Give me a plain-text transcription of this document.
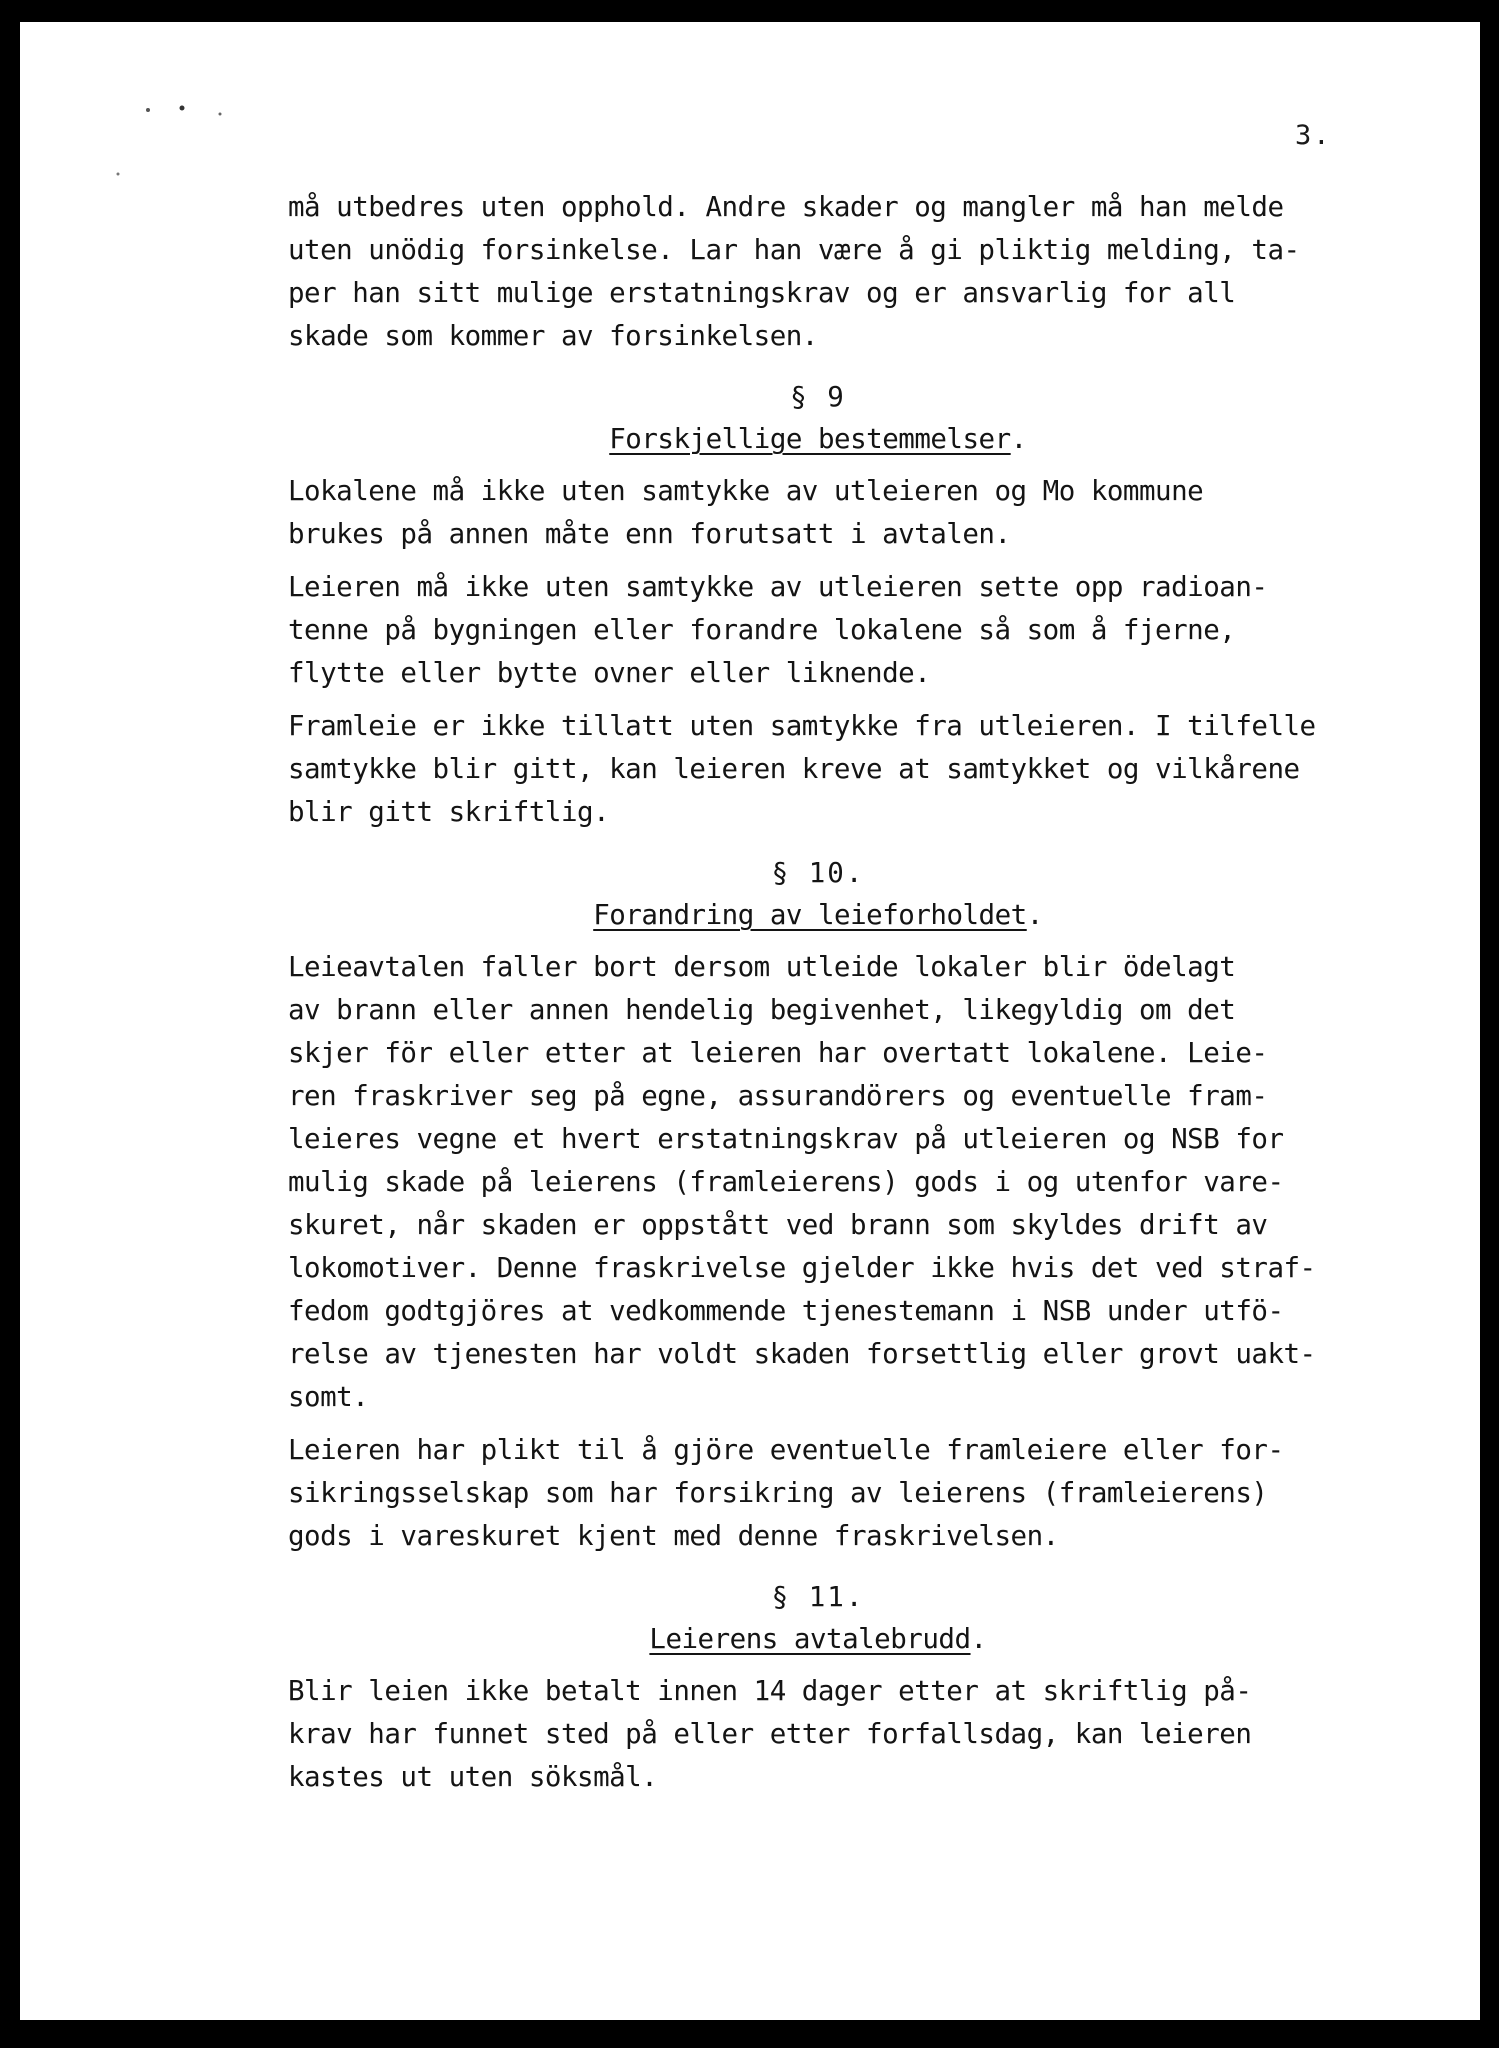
3.
må utbedres uten opphold. Andre skader og mangler må han melde
uten unödig forsinkelse. Lar han være å gi pliktig melding, ta-
per han sitt mulige erstatningskrav og er ansvarlig for all
skade som kommer av forsinkelsen.
§ 9
Forskjellige bestemmelser.
Lokalene må ikke uten samtykke av utleieren og Mo kommune
brukes på annen måte enn forutsatt i avtalen.
Leieren må ikke uten samtykke av utleieren sette opp radioan-
tenne på bygningen eller forandre lokalene så som å fjerne,
flytte eller bytte ovner eller liknende.
Framleie er ikke tillatt uten samtykke fra utleieren. I tilfelle
samtykke blir gitt, kan leieren kreve at samtykket og vilkårene
blir gitt skriftlig.
§ 10.
Forandring av leieforholdet.
Leieavtalen faller bort dersom utleide lokaler blir ödelagt
av brann eller annen hendelig begivenhet, likegyldig om det
skjer för eller etter at leieren har overtatt lokalene. Leie-
ren fraskriver seg på egne, assurandörers og eventuelle fram-
leieres vegne et hvert erstatningskrav på utleieren og NSB for
mulig skade på leierens (framleierens) gods i og utenfor vare-
skuret, når skaden er oppstått ved brann som skyldes drift av
lokomotiver. Denne fraskrivelse gjelder ikke hvis det ved straf-
fedom godtgjöres at vedkommende tjenestemann i NSB under utfö-
relse av tjenesten har voldt skaden forsettlig eller grovt uakt-
somt.
Leieren har plikt til å gjöre eventuelle framleiere eller for-
sikringsselskap som har forsikring av leierens (framleierens)
gods i vareskuret kjent med denne fraskrivelsen.
§ 11.
Leierens avtalebrudd.
Blir leien ikke betalt innen 14 dager etter at skriftlig på-
krav har funnet sted på eller etter forfallsdag, kan leieren
kastes ut uten söksmål.
